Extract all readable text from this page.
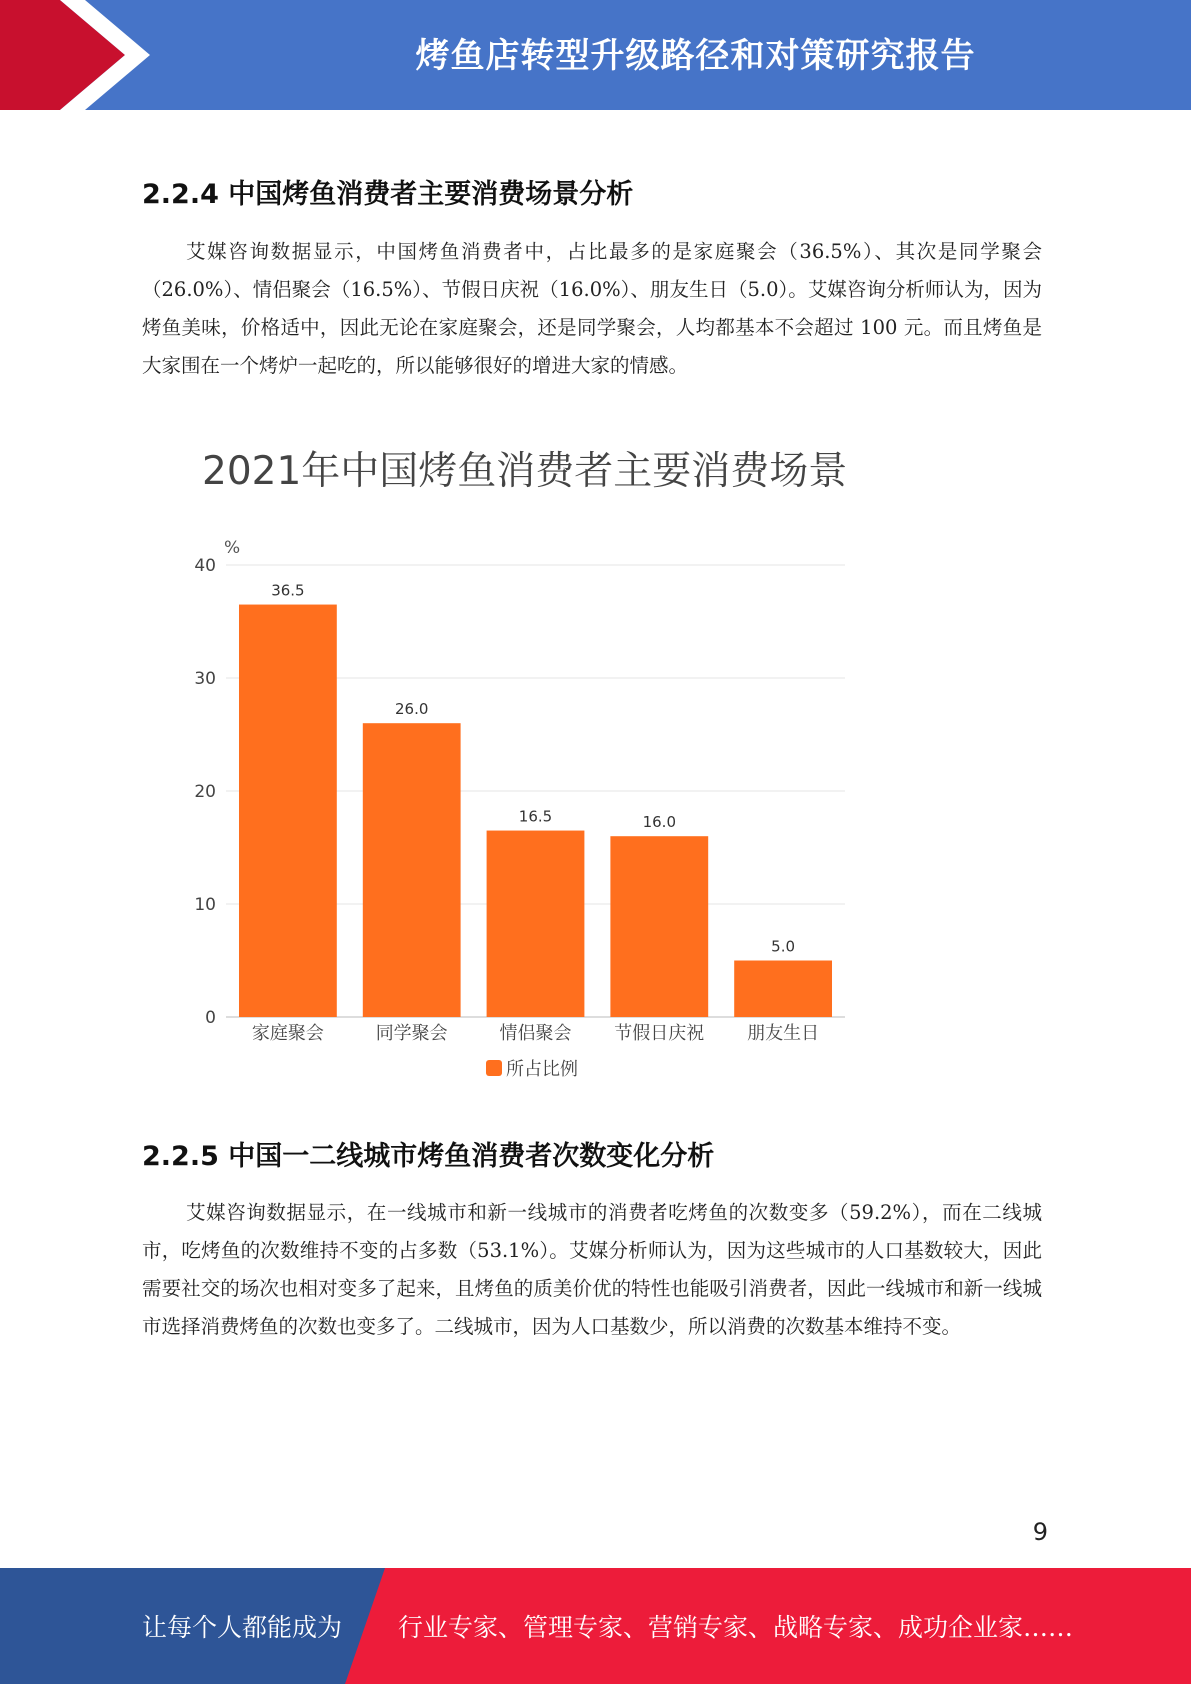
烤鱼店转型升级路径和对策研究报告
2.2.4 中国烤鱼消费者主要消费场景分析

艾媒咨询数据显示，中国烤鱼消费者中，占比最多的是家庭聚会（36.5%）、其次是同学聚会（26.0%）、情侣聚会（16.5%）、节假日庆祝（16.0%）、朋友生日（5.0）。艾媒咨询分析师认为，因为烤鱼美味，价格适中，因此无论在家庭聚会，还是同学聚会，人均都基本不会超过 100 元。而且烤鱼是大家围在一个烤炉一起吃的，所以能够很好的增进大家的情感。

2021年中国烤鱼消费者主要消费场景
%
0
10
20
30
40
36.5
家庭聚会
26.0
同学聚会
16.5
情侣聚会
16.0
节假日庆祝
5.0
朋友生日
所占比例
2.2.5 中国一二线城市烤鱼消费者次数变化分析

艾媒咨询数据显示，在一线城市和新一线城市的消费者吃烤鱼的次数变多（59.2%），而在二线城市，吃烤鱼的次数维持不变的占多数（53.1%）。艾媒分析师认为，因为这些城市的人口基数较大，因此需要社交的场次也相对变多了起来，且烤鱼的质美价优的特性也能吸引消费者，因此一线城市和新一线城市选择消费烤鱼的次数也变多了。二线城市，因为人口基数少，所以消费的次数基本维持不变。

9
让每个人都能成为 行业专家、管理专家、营销专家、战略专家、成功企业家……
